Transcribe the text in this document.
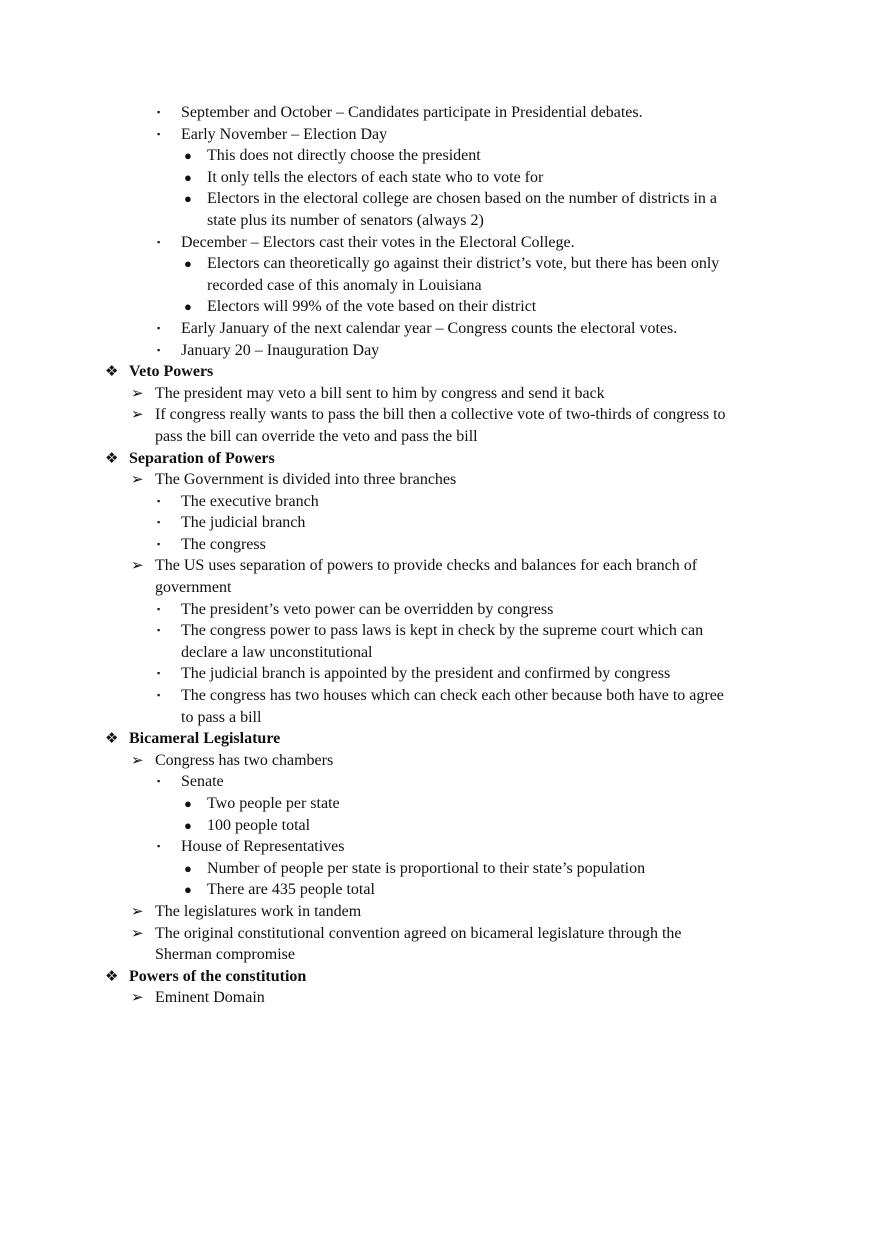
▪ September and October – Candidates participate in Presidential debates.
▪ Early November – Election Day
● This does not directly choose the president
● It only tells the electors of each state who to vote for
● Electors in the electoral college are chosen based on the number of districts in a
state plus its number of senators (always 2)
▪ December – Electors cast their votes in the Electoral College.
● Electors can theoretically go against their district’s vote, but there has been only
recorded case of this anomaly in Louisiana
● Electors will 99% of the vote based on their district
▪ Early January of the next calendar year – Congress counts the electoral votes.
▪ January 20 – Inauguration Day
❖ Veto Powers
➢ The president may veto a bill sent to him by congress and send it back
➢ If congress really wants to pass the bill then a collective vote of two-thirds of congress to
pass the bill can override the veto and pass the bill
❖ Separation of Powers
➢ The Government is divided into three branches
▪ The executive branch
▪ The judicial branch
▪ The congress
➢ The US uses separation of powers to provide checks and balances for each branch of
government
▪ The president’s veto power can be overridden by congress
▪ The congress power to pass laws is kept in check by the supreme court which can
declare a law unconstitutional
▪ The judicial branch is appointed by the president and confirmed by congress
▪ The congress has two houses which can check each other because both have to agree
to pass a bill
❖ Bicameral Legislature
➢ Congress has two chambers
▪ Senate
● Two people per state
● 100 people total
▪ House of Representatives
● Number of people per state is proportional to their state’s population
● There are 435 people total
➢ The legislatures work in tandem
➢ The original constitutional convention agreed on bicameral legislature through the
Sherman compromise
❖ Powers of the constitution
➢ Eminent Domain
